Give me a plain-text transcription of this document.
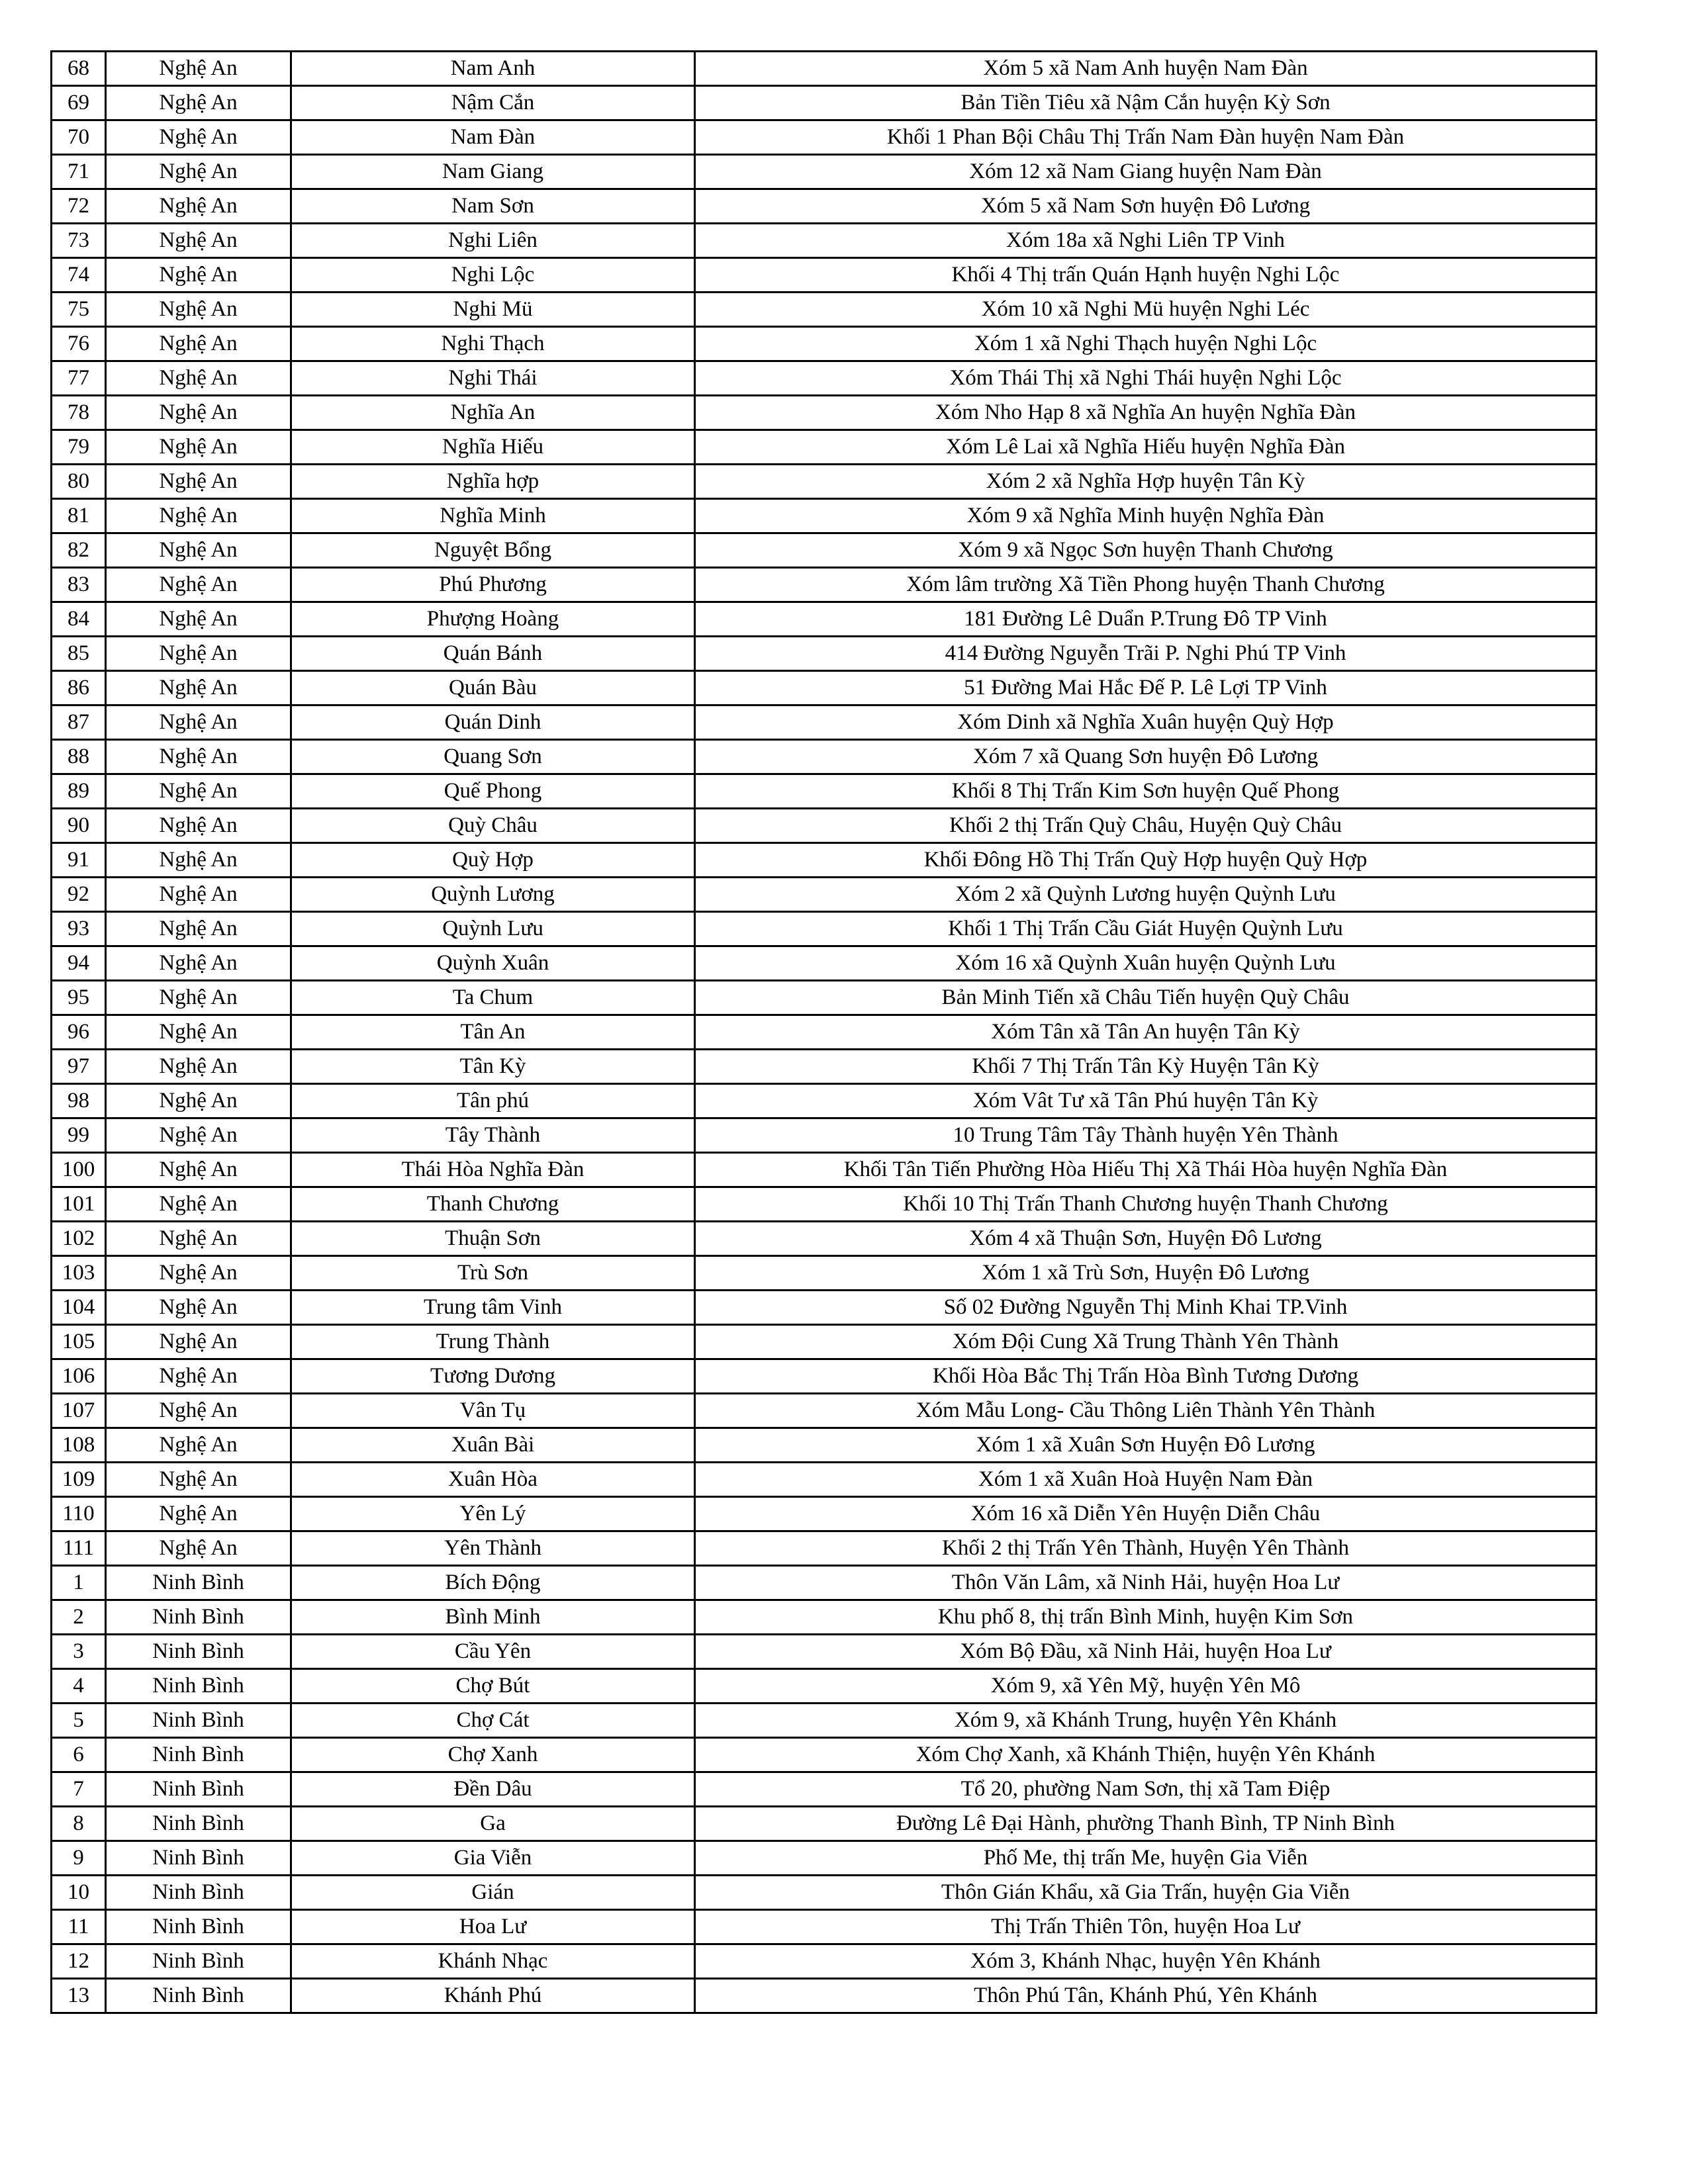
68	Nghệ An	Nam Anh	Xóm 5 xã Nam Anh huyện Nam Đàn
69	Nghệ An	Nậm Cắn	Bản Tiền Tiêu xã Nậm Cắn huyện Kỳ Sơn
70	Nghệ An	Nam Đàn	Khối 1 Phan Bội Châu Thị Trấn Nam Đàn huyện Nam Đàn
71	Nghệ An	Nam Giang	Xóm 12 xã Nam Giang huyện Nam Đàn
72	Nghệ An	Nam Sơn	Xóm 5 xã Nam Sơn huyện Đô Lương
73	Nghệ An	Nghi Liên	Xóm 18a xã Nghi Liên TP Vinh
74	Nghệ An	Nghi Lộc	Khối 4 Thị trấn Quán Hạnh huyện Nghi Lộc
75	Nghệ An	Nghi Mü	Xóm 10 xã Nghi Mü huyện Nghi Léc
76	Nghệ An	Nghi Thạch	Xóm 1 xã Nghi Thạch huyện Nghi Lộc
77	Nghệ An	Nghi Thái	Xóm Thái Thị xã Nghi Thái huyện Nghi Lộc
78	Nghệ An	Nghĩa An	Xóm Nho Hạp 8 xã Nghĩa An huyện Nghĩa Đàn
79	Nghệ An	Nghĩa Hiếu	Xóm Lê Lai xã Nghĩa Hiếu huyện Nghĩa Đàn
80	Nghệ An	Nghĩa hợp	Xóm 2 xã Nghĩa Hợp huyện Tân Kỳ
81	Nghệ An	Nghĩa Minh	Xóm 9 xã Nghĩa Minh huyện Nghĩa Đàn
82	Nghệ An	Nguyệt Bổng	Xóm 9 xã Ngọc Sơn huyện Thanh Chương
83	Nghệ An	Phú Phương	Xóm lâm trường Xã Tiền Phong huyện Thanh Chương
84	Nghệ An	Phượng Hoàng	181 Đường Lê Duẩn P.Trung Đô TP Vinh
85	Nghệ An	Quán Bánh	414 Đường Nguyễn Trãi P. Nghi Phú TP Vinh
86	Nghệ An	Quán Bàu	51 Đường Mai Hắc Đế P. Lê Lợi TP Vinh
87	Nghệ An	Quán Dinh	Xóm Dinh xã Nghĩa Xuân huyện Quỳ Hợp
88	Nghệ An	Quang Sơn	Xóm 7 xã Quang Sơn huyện Đô Lương
89	Nghệ An	Quế Phong	Khối 8 Thị Trấn Kim Sơn huyện Quế Phong
90	Nghệ An	Quỳ Châu	Khối 2 thị Trấn Quỳ Châu, Huyện Quỳ Châu
91	Nghệ An	Quỳ Hợp	Khối Đông Hồ Thị Trấn Quỳ Hợp huyện Quỳ Hợp
92	Nghệ An	Quỳnh Lương	Xóm 2 xã Quỳnh Lương huyện Quỳnh Lưu
93	Nghệ An	Quỳnh Lưu	Khối 1 Thị Trấn Cầu Giát Huyện Quỳnh Lưu
94	Nghệ An	Quỳnh Xuân	Xóm 16 xã Quỳnh Xuân huyện Quỳnh Lưu
95	Nghệ An	Ta Chum	Bản Minh Tiến xã Châu Tiến huyện Quỳ Châu
96	Nghệ An	Tân An	Xóm Tân xã Tân An huyện Tân Kỳ
97	Nghệ An	Tân Kỳ	Khối 7 Thị Trấn Tân Kỳ Huyện Tân Kỳ
98	Nghệ An	Tân phú	Xóm Vât Tư xã Tân Phú huyện Tân Kỳ
99	Nghệ An	Tây Thành	10 Trung Tâm Tây Thành huyện Yên Thành
100	Nghệ An	Thái Hòa Nghĩa Đàn	Khối Tân Tiến Phường Hòa Hiếu Thị Xã Thái Hòa huyện Nghĩa Đàn
101	Nghệ An	Thanh Chương	Khối 10 Thị Trấn Thanh Chương huyện Thanh Chương
102	Nghệ An	Thuận Sơn	Xóm 4 xã Thuận Sơn, Huyện Đô Lương
103	Nghệ An	Trù Sơn	Xóm 1 xã Trù Sơn, Huyện Đô Lương
104	Nghệ An	Trung tâm Vinh	Số 02 Đường Nguyễn Thị Minh Khai TP.Vinh
105	Nghệ An	Trung Thành	Xóm Đội Cung Xã Trung Thành Yên Thành
106	Nghệ An	Tương Dương	Khối Hòa Bắc Thị Trấn Hòa Bình Tương Dương
107	Nghệ An	Vân Tụ	Xóm Mẫu Long- Cầu Thông Liên Thành Yên Thành
108	Nghệ An	Xuân Bài	Xóm 1 xã Xuân Sơn Huyện Đô Lương
109	Nghệ An	Xuân Hòa	Xóm 1 xã Xuân Hoà Huyện Nam Đàn
110	Nghệ An	Yên Lý	Xóm 16 xã Diễn Yên Huyện Diễn Châu
111	Nghệ An	Yên Thành	Khối 2 thị Trấn Yên Thành, Huyện Yên Thành
1	Ninh Bình	Bích Động	Thôn Văn Lâm, xã Ninh Hải, huyện Hoa Lư
2	Ninh Bình	Bình Minh	Khu phố 8, thị trấn Bình Minh, huyện Kim Sơn
3	Ninh Bình	Cầu Yên	Xóm Bộ Đầu, xã Ninh Hải, huyện Hoa Lư
4	Ninh Bình	Chợ Bút	Xóm 9, xã Yên Mỹ, huyện Yên Mô
5	Ninh Bình	Chợ Cát	Xóm 9, xã Khánh Trung, huyện Yên Khánh
6	Ninh Bình	Chợ Xanh	Xóm Chợ Xanh, xã Khánh Thiện, huyện Yên Khánh
7	Ninh Bình	Đền Dâu	Tổ 20, phường Nam Sơn, thị xã Tam Điệp
8	Ninh Bình	Ga	Đường Lê Đại Hành, phường Thanh Bình, TP Ninh Bình
9	Ninh Bình	Gia Viễn	Phố Me, thị trấn Me, huyện Gia Viễn
10	Ninh Bình	Gián	Thôn Gián Khẩu, xã Gia Trấn, huyện Gia Viễn
11	Ninh Bình	Hoa Lư	Thị Trấn Thiên Tôn, huyện Hoa Lư
12	Ninh Bình	Khánh Nhạc	Xóm 3, Khánh Nhạc, huyện Yên Khánh
13	Ninh Bình	Khánh Phú	Thôn Phú Tân, Khánh Phú, Yên Khánh
